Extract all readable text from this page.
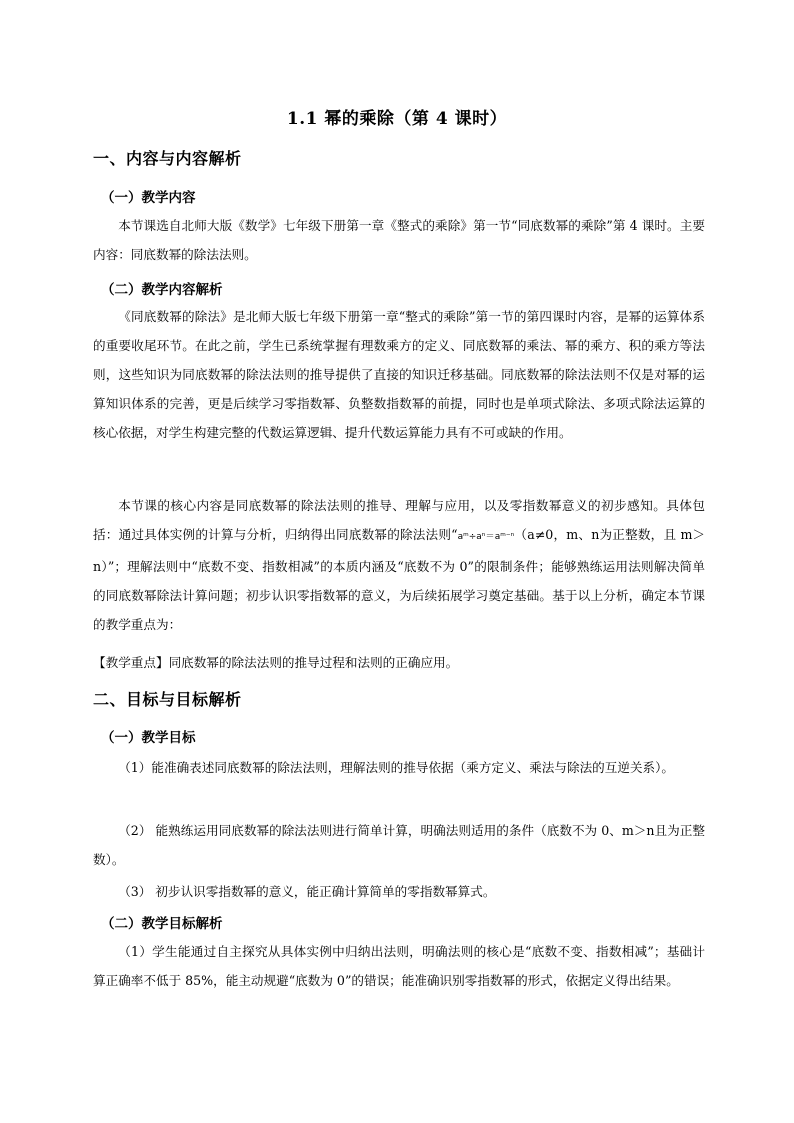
1.1 幂的乘除（第 4 课时）
一、内容与内容解析
（一）教学内容
本节课选自北师大版《数学》七年级下册第一章《整式的乘除》第一节“同底数幂的乘除”第 4 课时。主要内容：同底数幂的除法法则。
（二）教学内容解析
《同底数幂的除法》是北师大版七年级下册第一章“整式的乘除”第一节的第四课时内容，是幂的运算体系的重要收尾环节。在此之前，学生已系统掌握有理数乘方的定义、同底数幂的乘法、幂的乘方、积的乘方等法则，这些知识为同底数幂的除法法则的推导提供了直接的知识迁移基础。同底数幂的除法法则不仅是对幂的运算知识体系的完善，更是后续学习零指数幂、负整数指数幂的前提，同时也是单项式除法、多项式除法运算的核心依据，对学生构建完整的代数运算逻辑、提升代数运算能力具有不可或缺的作用。
本节课的核心内容是同底数幂的除法法则的推导、理解与应用，以及零指数幂意义的初步感知。具体包括：通过具体实例的计算与分析，归纳得出同底数幂的除法法则“aᵐ÷aⁿ＝aᵐ⁻ⁿ（a≠0，m、n为正整数，且 m＞n）”；理解法则中“底数不变、指数相减”的本质内涵及“底数不为 0”的限制条件；能够熟练运用法则解决简单的同底数幂除法计算问题；初步认识零指数幂的意义，为后续拓展学习奠定基础。基于以上分析，确定本节课的教学重点为：
【教学重点】同底数幂的除法法则的推导过程和法则的正确应用。
二、目标与目标解析
（一）教学目标
（1）能准确表述同底数幂的除法法则，理解法则的推导依据（乘方定义、乘法与除法的互逆关系）。
（2） 能熟练运用同底数幂的除法法则进行简单计算，明确法则适用的条件（底数不为 0、m＞n且为正整数）。
（3） 初步认识零指数幂的意义，能正确计算简单的零指数幂算式。
（二）教学目标解析
（1）学生能通过自主探究从具体实例中归纳出法则，明确法则的核心是“底数不变、指数相减”；基础计算正确率不低于 85%，能主动规避“底数为 0”的错误；能准确识别零指数幂的形式，依据定义得出结果。
